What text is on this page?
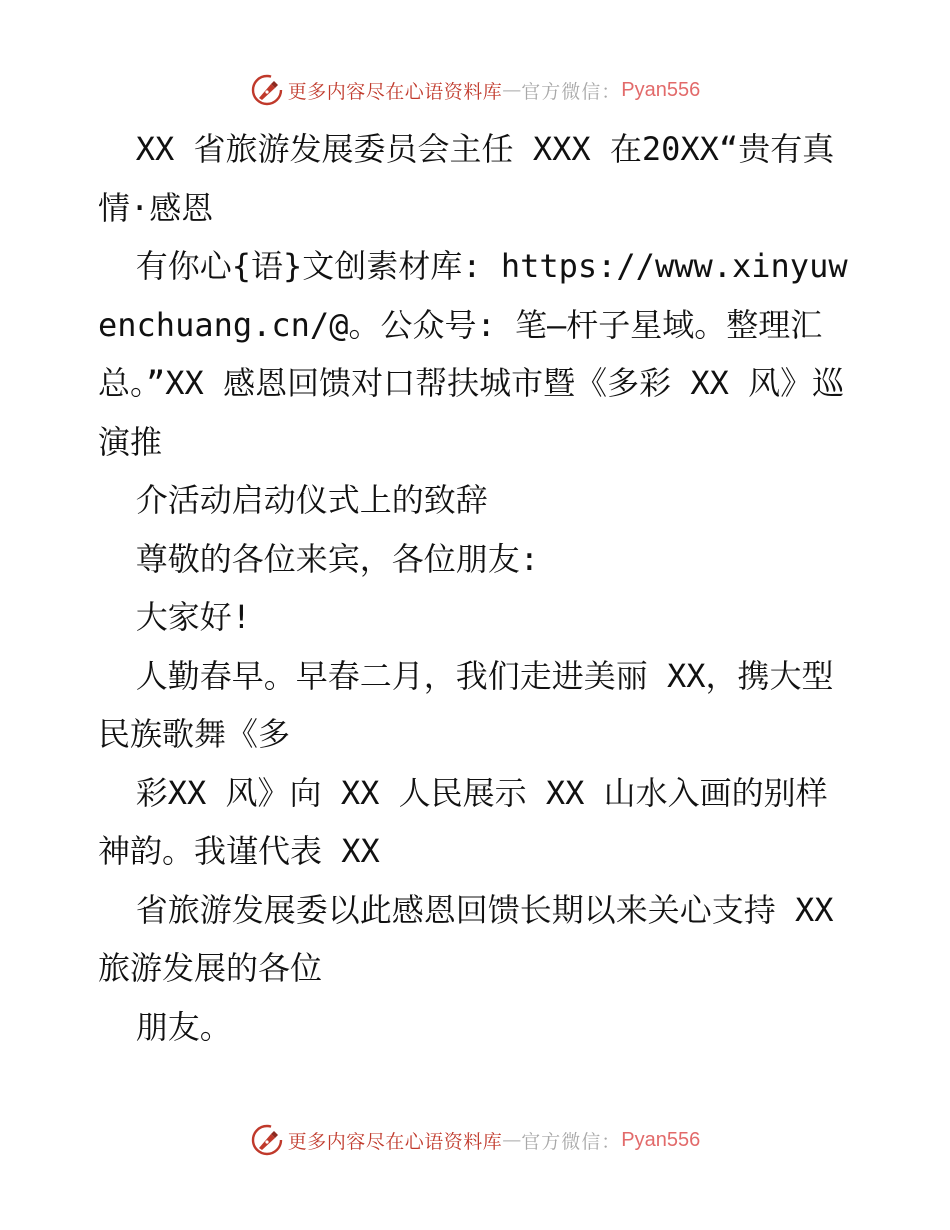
更多内容尽在心语资料库 — 官方微信： Pyan556

XX 省旅游发展委员会主任 XXX 在20XX“贵有真情·感恩

有你心{语}文创素材库: https://www.xinyuwenchuang.cn/@。公众号: 笔—杆子星域。整理汇总。”XX 感恩回馈对口帮扶城市暨《多彩 XX 风》巡演推

介活动启动仪式上的致辞

尊敬的各位来宾，各位朋友:

大家好!

人勤春早。早春二月，我们走进美丽 XX，携大型民族歌舞《多

彩XX 风》向 XX 人民展示 XX 山水入画的别样神韵。我谨代表 XX

省旅游发展委以此感恩回馈长期以来关心支持 XX 旅游发展的各位

朋友。

更多内容尽在心语资料库 — 官方微信： Pyan556
